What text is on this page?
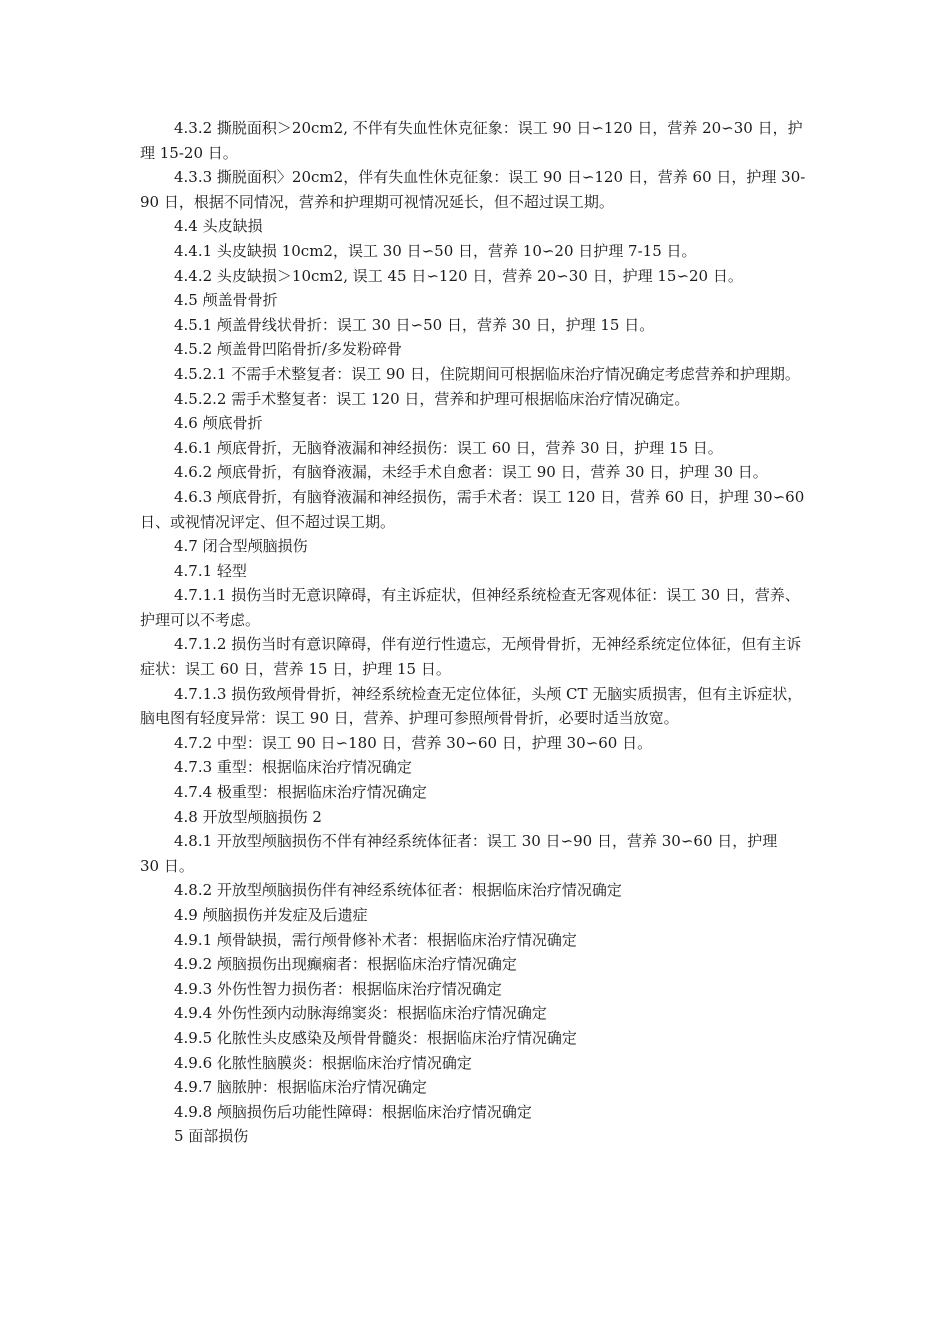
4.3.2 撕脱面积＞20cm2, 不伴有失血性休克征象：误工 90 日∽120 日，营养 20∽30 日，护理 15-20 日。

4.3.3 撕脱面积〉20cm2，伴有失血性休克征象：误工 90 日∽120 日，营养 60 日，护理 30-90 日，根据不同情况，营养和护理期可视情况延长，但不超过误工期。

4.4 头皮缺损

4.4.1 头皮缺损 10cm2，误工 30 日∽50 日，营养 10∽20 日护理 7-15 日。

4.4.2 头皮缺损＞10cm2, 误工 45 日∽120 日，营养 20∽30 日，护理 15∽20 日。

4.5 颅盖骨骨折

4.5.1 颅盖骨线状骨折：误工 30 日∽50 日，营养 30 日，护理 15 日。

4.5.2 颅盖骨凹陷骨折/多发粉碎骨

4.5.2.1 不需手术整复者：误工 90 日，住院期间可根据临床治疗情况确定考虑营养和护理期。

4.5.2.2 需手术整复者：误工 120 日，营养和护理可根据临床治疗情况确定。

4.6 颅底骨折

4.6.1 颅底骨折，无脑脊液漏和神经损伤：误工 60 日，营养 30 日，护理 15 日。

4.6.2 颅底骨折，有脑脊液漏，未经手术自愈者：误工 90 日，营养 30 日，护理 30 日。

4.6.3 颅底骨折，有脑脊液漏和神经损伤，需手术者：误工 120 日，营养 60 日，护理 30∽60 日、或视情况评定、但不超过误工期。

4.7 闭合型颅脑损伤

4.7.1 轻型

4.7.1.1 损伤当时无意识障碍，有主诉症状，但神经系统检查无客观体征：误工 30 日，营养、护理可以不考虑。

4.7.1.2 损伤当时有意识障碍，伴有逆行性遗忘，无颅骨骨折，无神经系统定位体征，但有主诉症状：误工 60 日，营养 15 日，护理 15 日。

4.7.1.3 损伤致颅骨骨折，神经系统检查无定位体征，头颅 CT 无脑实质损害，但有主诉症状，脑电图有轻度异常：误工 90 日，营养、护理可参照颅骨骨折，必要时适当放宽。

4.7.2 中型：误工 90 日∽180 日，营养 30∽60 日，护理 30∽60 日。

4.7.3 重型：根据临床治疗情况确定

4.7.4 极重型：根据临床治疗情况确定

4.8 开放型颅脑损伤 2

4.8.1 开放型颅脑损伤不伴有神经系统体征者：误工 30 日∽90 日，营养 30∽60 日，护理

30 日。

4.8.2 开放型颅脑损伤伴有神经系统体征者：根据临床治疗情况确定

4.9 颅脑损伤并发症及后遗症

4.9.1 颅骨缺损，需行颅骨修补术者：根据临床治疗情况确定

4.9.2 颅脑损伤出现癫痫者：根据临床治疗情况确定

4.9.3 外伤性智力损伤者：根据临床治疗情况确定

4.9.4 外伤性颈内动脉海绵窦炎：根据临床治疗情况确定

4.9.5 化脓性头皮感染及颅骨骨髓炎：根据临床治疗情况确定

4.9.6 化脓性脑膜炎：根据临床治疗情况确定

4.9.7 脑脓肿：根据临床治疗情况确定

4.9.8 颅脑损伤后功能性障碍：根据临床治疗情况确定

5 面部损伤
